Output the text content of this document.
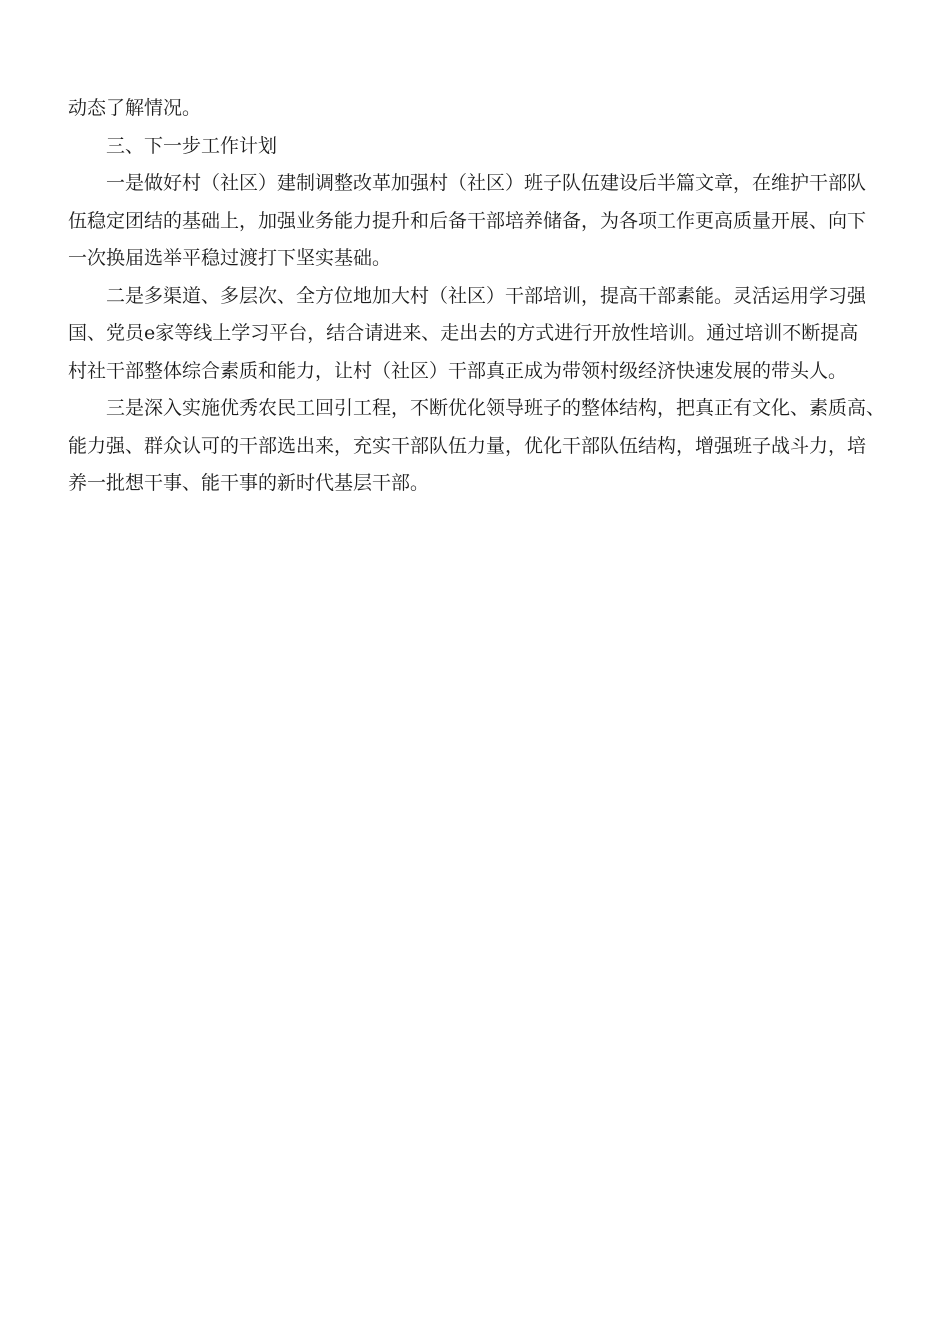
动态了解情况。
三、下一步工作计划
一是做好村（社区）建制调整改革加强村（社区）班子队伍建设后半篇文章，在维护干部队
伍稳定团结的基础上，加强业务能力提升和后备干部培养储备，为各项工作更高质量开展、向下
一次换届选举平稳过渡打下坚实基础。
二是多渠道、多层次、全方位地加大村（社区）干部培训，提高干部素能。灵活运用学习强
国、党员e家等线上学习平台，结合请进来、走出去的方式进行开放性培训。通过培训不断提高
村社干部整体综合素质和能力，让村（社区）干部真正成为带领村级经济快速发展的带头人。
三是深入实施优秀农民工回引工程，不断优化领导班子的整体结构，把真正有文化、素质高、
能力强、群众认可的干部选出来，充实干部队伍力量，优化干部队伍结构，增强班子战斗力，培
养一批想干事、能干事的新时代基层干部。
